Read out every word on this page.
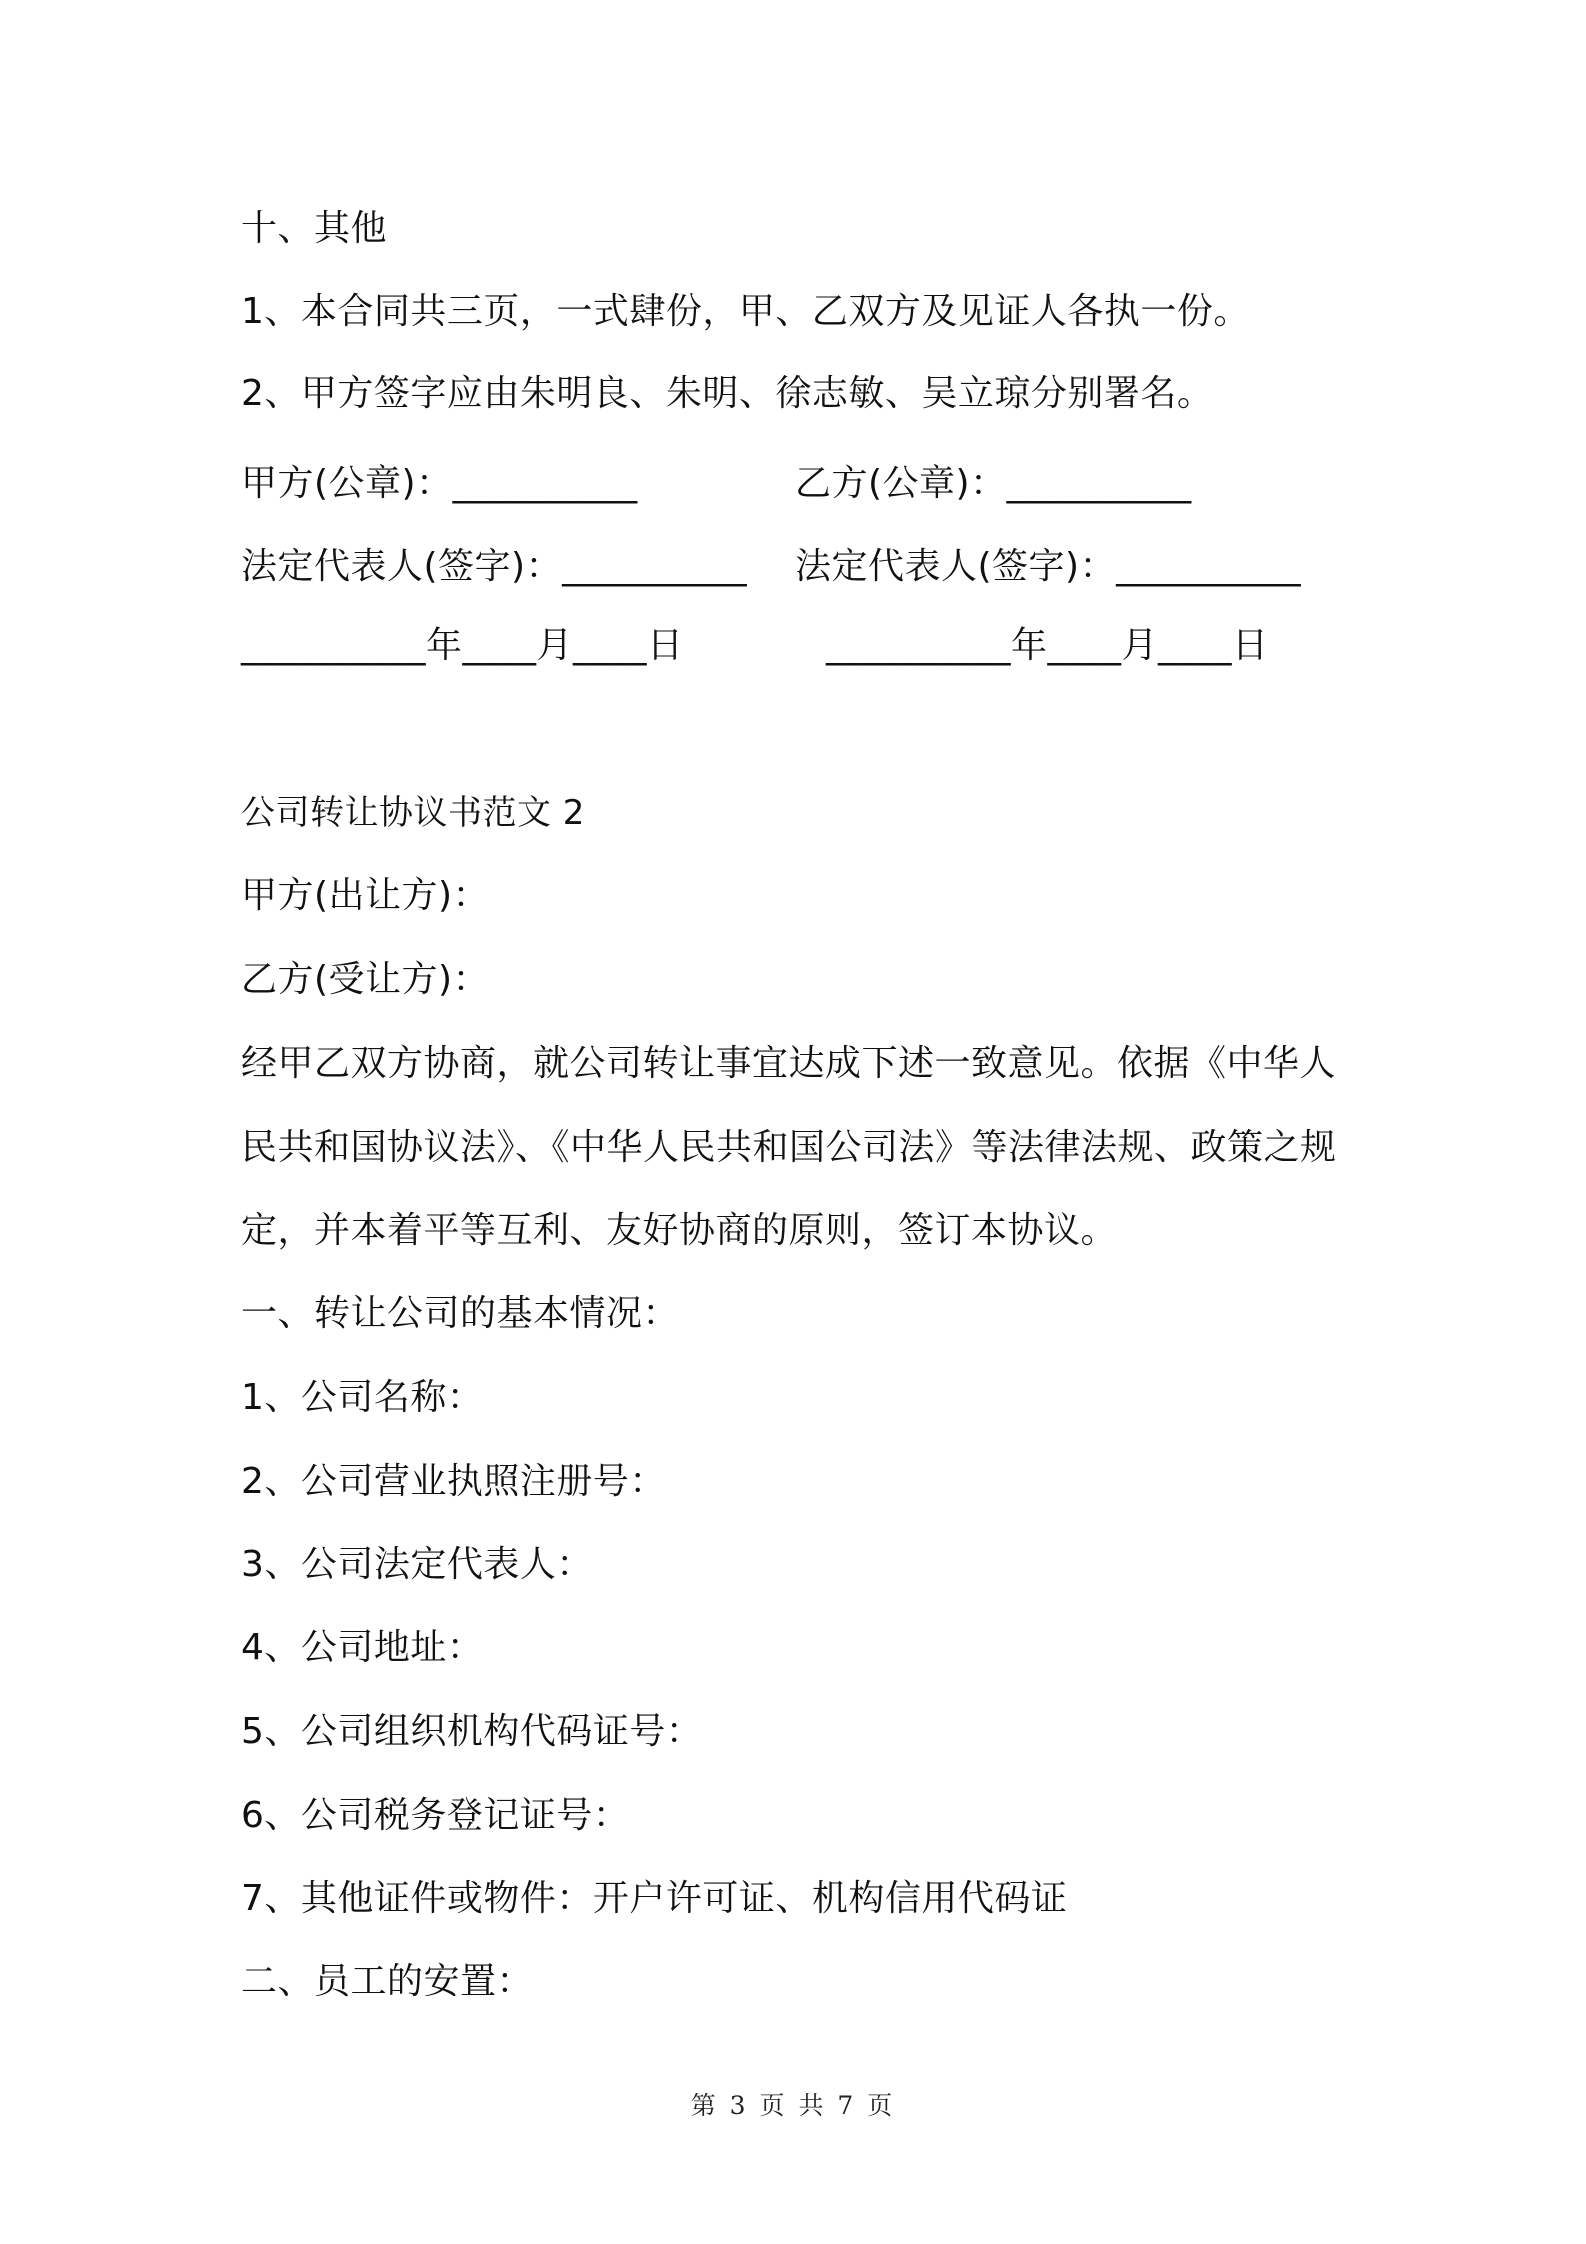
十、其他
1、本合同共三页，一式肆份，甲、乙双方及见证人各执一份。
2、甲方签字应由朱明良、朱明、徐志敏、吴立琼分别署名。
甲方(公章)：__________	乙方(公章)：__________
法定代表人(签字)：__________ 法定代表人(签字)：__________
__________年____月____日	__________年____月____日
公司转让协议书范文 2
甲方(出让方)：
乙方(受让方)：
经甲乙双方协商，就公司转让事宜达成下述一致意见。依据《中华人
民共和国协议法》、《中华人民共和国公司法》等法律法规、政策之规
定，并本着平等互利、友好协商的原则，签订本协议。
一、转让公司的基本情况：
1、公司名称：
2、公司营业执照注册号：
3、公司法定代表人：
4、公司地址：
5、公司组织机构代码证号：
6、公司税务登记证号：
7、其他证件或物件：开户许可证、机构信用代码证
二、员工的安置：
第 3 页 共 7 页
